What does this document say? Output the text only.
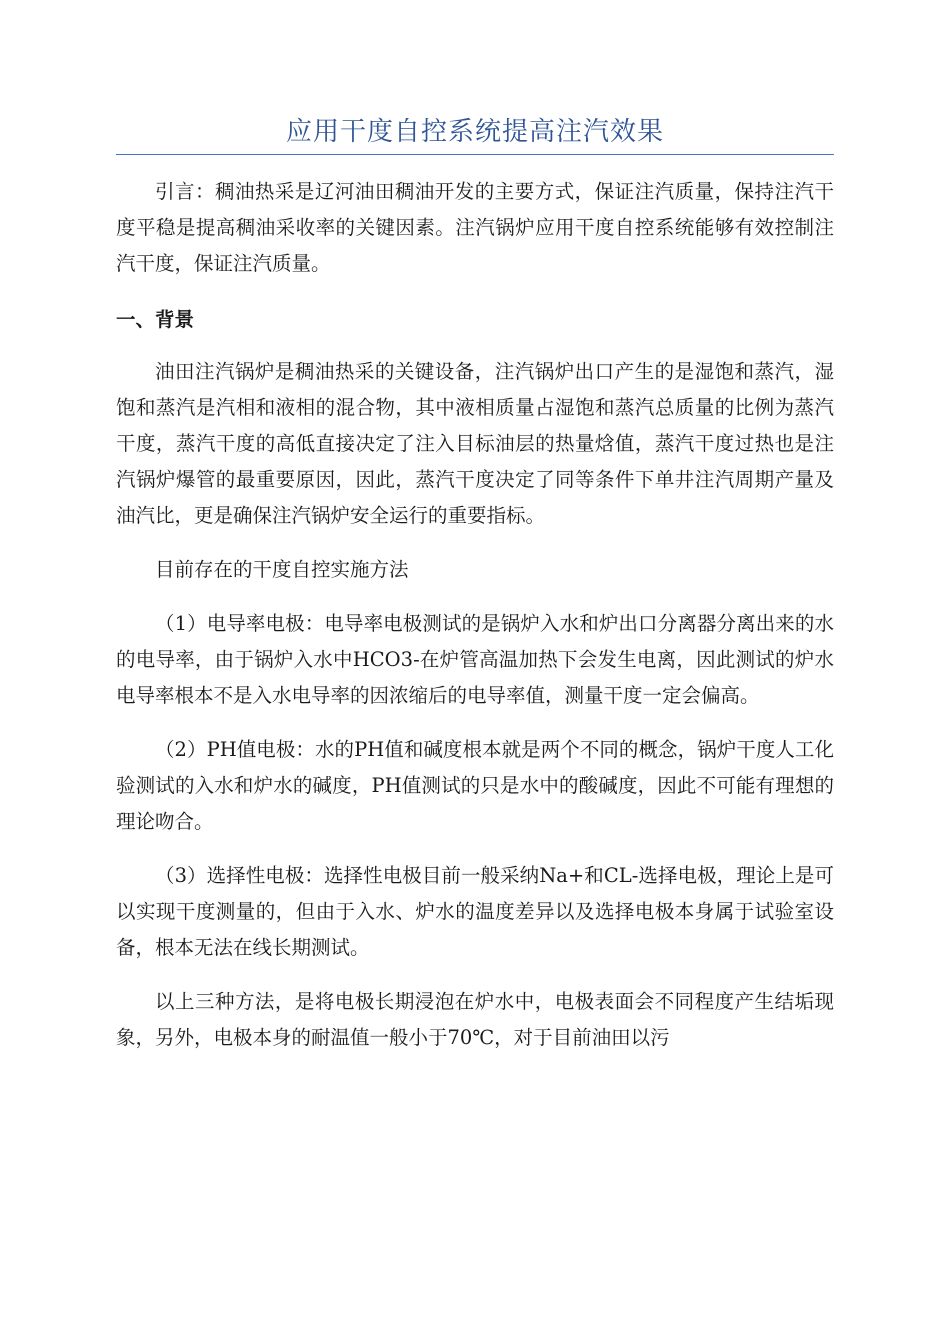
应用干度自控系统提高注汽效果

引言：稠油热采是辽河油田稠油开发的主要方式，保证注汽质量，保持注汽干度平稳是提高稠油采收率的关键因素。注汽锅炉应用干度自控系统能够有效控制注汽干度，保证注汽质量。

一、背景

油田注汽锅炉是稠油热采的关键设备，注汽锅炉出口产生的是湿饱和蒸汽，湿饱和蒸汽是汽相和液相的混合物，其中液相质量占湿饱和蒸汽总质量的比例为蒸汽干度，蒸汽干度的高低直接决定了注入目标油层的热量焓值，蒸汽干度过热也是注汽锅炉爆管的最重要原因，因此，蒸汽干度决定了同等条件下单井注汽周期产量及油汽比，更是确保注汽锅炉安全运行的重要指标。

目前存在的干度自控实施方法

（1）电导率电极：电导率电极测试的是锅炉入水和炉出口分离器分离出来的水的电导率，由于锅炉入水中HCO3-在炉管高温加热下会发生电离，因此测试的炉水电导率根本不是入水电导率的因浓缩后的电导率值，测量干度一定会偏高。

（2）PH值电极：水的PH值和碱度根本就是两个不同的概念，锅炉干度人工化验测试的入水和炉水的碱度，PH值测试的只是水中的酸碱度，因此不可能有理想的理论吻合。

（3）选择性电极：选择性电极目前一般采纳Na+和CL-选择电极，理论上是可以实现干度测量的，但由于入水、炉水的温度差异以及选择电极本身属于试验室设备，根本无法在线长期测试。

以上三种方法，是将电极长期浸泡在炉水中，电极表面会不同程度产生结垢现象，另外，电极本身的耐温值一般小于70℃，对于目前油田以污
